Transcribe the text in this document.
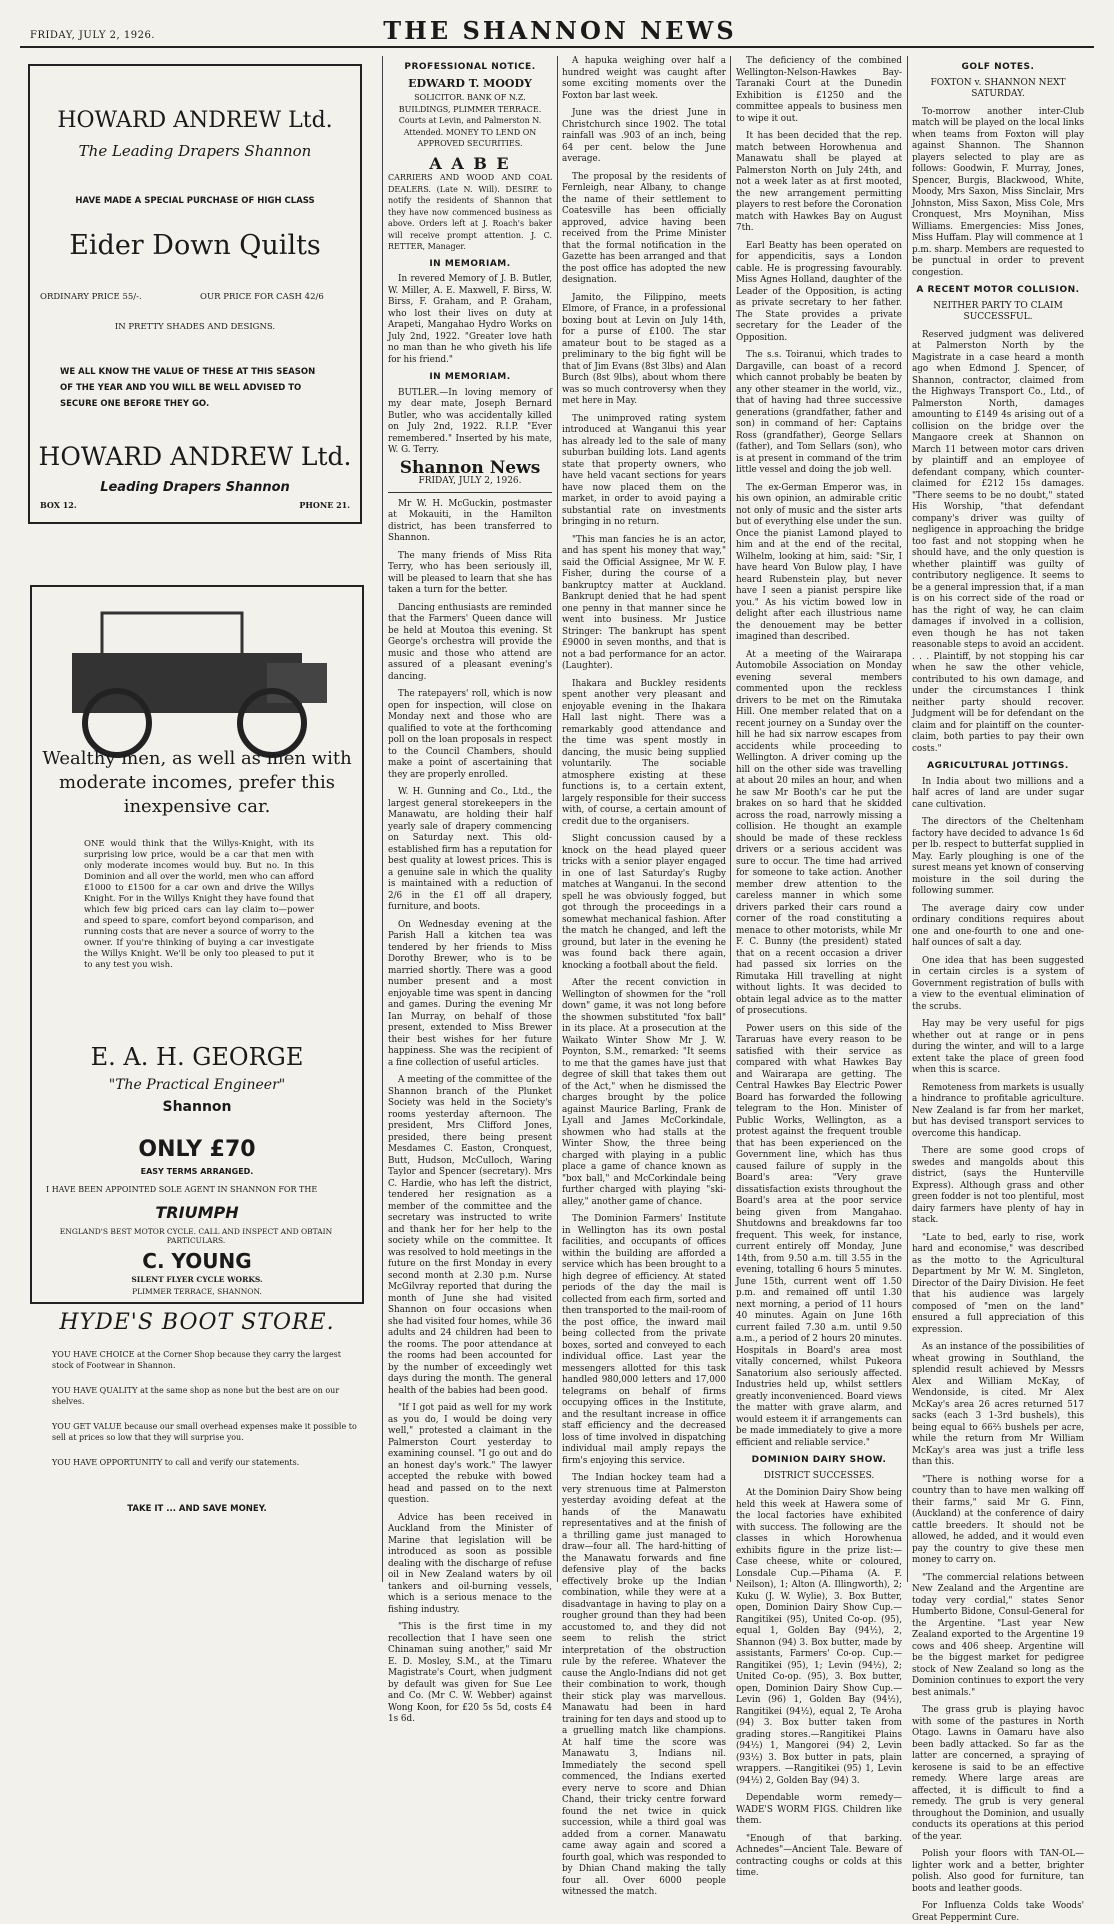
FRIDAY, JULY 2, 1926.	THE SHANNON NEWS
HOWARD ANDREW Ltd.
The Leading Drapers Shannon
HAVE MADE A SPECIAL PURCHASE OF HIGH CLASS
Eider Down Quilts
ORDINARY PRICE 55/-.	OUR PRICE FOR CASH 42/6
IN PRETTY SHADES AND DESIGNS.
WE ALL KNOW THE VALUE OF THESE AT THIS SEASON OF THE YEAR AND YOU WILL BE WELL ADVISED TO SECURE ONE BEFORE THEY GO.
HOWARD ANDREW Ltd.
Leading Drapers Shannon
BOX 12.	PHONE 21.
Wealthy men, as well as men with moderate incomes, prefer this inexpensive car.
ONE would think that the Willys-Knight, with its surprising low price, would be a car that men with only moderate incomes would buy. But no. In this Dominion and all over the world, men who can afford £1000 to £1500 for a car own and drive the Willys Knight. For in the Willys Knight they have found that which few big priced cars can lay claim to—power and speed to spare, comfort beyond comparison, and running costs that are never a source of worry to the owner. If you're thinking of buying a car investigate the Willys Knight. We'll be only too pleased to put it to any test you wish.
E. A. H. GEORGE
"The Practical Engineer"
Shannon
ONLY £70
EASY TERMS ARRANGED.
I HAVE BEEN APPOINTED SOLE AGENT IN SHANNON FOR THE
TRIUMPH
ENGLAND'S BEST MOTOR CYCLE. CALL AND INSPECT AND OBTAIN PARTICULARS.
C. YOUNG
SILENT FLYER CYCLE WORKS.
PLIMMER TERRACE, SHANNON.
HYDE'S BOOT STORE.
YOU HAVE CHOICE at the Corner Shop because they carry the largest stock of Footwear in Shannon.
YOU HAVE QUALITY at the same shop as none but the best are on our shelves.
YOU GET VALUE because our small overhead expenses make it possible to sell at prices so low that they will surprise you.
YOU HAVE OPPORTUNITY to call and verify our statements.
TAKE IT ... AND SAVE MONEY.
PROFESSIONAL NOTICE.
EDWARD T. MOODY
SOLICITOR. BANK OF N.Z. BUILDINGS, PLIMMER TERRACE. Courts at Levin, and Palmerston N. Attended. MONEY TO LEND ON APPROVED SECURITIES.
A A B E
CARRIERS AND WOOD AND COAL DEALERS. (Late N. Will). DESIRE to notify the residents of Shannon that they have now commenced business as above. Orders left at J. Roach's baker will receive prompt attention. J. C. RETTER, Manager.
IN MEMORIAM.

In revered Memory of J. B. Butler, W. Miller, A. E. Maxwell, F. Birss, W. Birss, F. Graham, and P. Graham, who lost their lives on duty at Arapeti, Mangahao Hydro Works on July 2nd, 1922. "Greater love hath no man than he who giveth his life for his friend."

IN MEMORIAM.

BUTLER.—In loving memory of my dear mate, Joseph Bernard Butler, who was accidentally killed on July 2nd, 1922. R.I.P. "Ever remembered." Inserted by his mate, W. G. Terry.

Shannon News
FRIDAY, JULY 2, 1926.

Mr W. H. McGuckin, postmaster at Mokauiti, in the Hamilton district, has been transferred to Shannon.

The many friends of Miss Rita Terry, who has been seriously ill, will be pleased to learn that she has taken a turn for the better.

Dancing enthusiasts are reminded that the Farmers' Queen dance will be held at Moutoa this evening. St George's orchestra will provide the music and those who attend are assured of a pleasant evening's dancing.

The ratepayers' roll, which is now open for inspection, will close on Monday next and those who are qualified to vote at the forthcoming poll on the loan proposals in respect to the Council Chambers, should make a point of ascertaining that they are properly enrolled.

W. H. Gunning and Co., Ltd., the largest general storekeepers in the Manawatu, are holding their half yearly sale of drapery commencing on Saturday next. This old-established firm has a reputation for best quality at lowest prices. This is a genuine sale in which the quality is maintained with a reduction of 2/6 in the £1 off all drapery, furniture, and boots.

On Wednesday evening at the Parish Hall a kitchen tea was tendered by her friends to Miss Dorothy Brewer, who is to be married shortly. There was a good number present and a most enjoyable time was spent in dancing and games. During the evening Mr Ian Murray, on behalf of those present, extended to Miss Brewer their best wishes for her future happiness. She was the recipient of a fine collection of useful articles.

A meeting of the committee of the Shannon branch of the Plunket Society was held in the Society's rooms yesterday afternoon. The president, Mrs Clifford Jones, presided, there being present Mesdames C. Easton, Cronquest, Butt, Hudson, McCulloch, Waring Taylor and Spencer (secretary). Mrs C. Hardie, who has left the district, tendered her resignation as a member of the committee and the secretary was instructed to write and thank her for her help to the society while on the committee. It was resolved to hold meetings in the future on the first Monday in every second month at 2.30 p.m. Nurse McGilvray reported that during the month of June she had visited Shannon on four occasions when she had visited four homes, while 36 adults and 24 children had been to the rooms. The poor attendance at the rooms had been accounted for by the number of exceedingly wet days during the month. The general health of the babies had been good.

"If I got paid as well for my work as you do, I would be doing very well," protested a claimant in the Palmerston Court yesterday to examining counsel. "I go out and do an honest day's work." The lawyer accepted the rebuke with bowed head and passed on to the next question.

Advice has been received in Auckland from the Minister of Marine that legislation will be introduced as soon as possible dealing with the discharge of refuse oil in New Zealand waters by oil tankers and oil-burning vessels, which is a serious menace to the fishing industry.

"This is the first time in my recollection that I have seen one Chinaman suing another," said Mr E. D. Mosley, S.M., at the Timaru Magistrate's Court, when judgment by default was given for Sue Lee and Co. (Mr C. W. Webber) against Wong Koon, for £20 5s 5d, costs £4 1s 6d.

A hapuka weighing over half a hundred weight was caught after some exciting moments over the Foxton bar last week.

June was the driest June in Christchurch since 1902. The total rainfall was .903 of an inch, being 64 per cent. below the June average.

The proposal by the residents of Fernleigh, near Albany, to change the name of their settlement to Coatesville has been officially approved, advice having been received from the Prime Minister that the formal notification in the Gazette has been arranged and that the post office has adopted the new designation.

Jamito, the Filippino, meets Elmore, of France, in a professional boxing bout at Levin on July 14th, for a purse of £100. The star amateur bout to be staged as a preliminary to the big fight will be that of Jim Evans (8st 3lbs) and Alan Burch (8st 9lbs), about whom there was so much controversy when they met here in May.

The unimproved rating system introduced at Wanganui this year has already led to the sale of many suburban building lots. Land agents state that property owners, who have held vacant sections for years have now placed them on the market, in order to avoid paying a substantial rate on investments bringing in no return.

"This man fancies he is an actor, and has spent his money that way," said the Official Assignee, Mr W. F. Fisher, during the course of a bankruptcy matter at Auckland. Bankrupt denied that he had spent one penny in that manner since he went into business. Mr Justice Stringer: The bankrupt has spent £9000 in seven months, and that is not a bad performance for an actor. (Laughter).

Ihakara and Buckley residents spent another very pleasant and enjoyable evening in the Ihakara Hall last night. There was a remarkably good attendance and the time was spent mostly in dancing, the music being supplied voluntarily. The sociable atmosphere existing at these functions is, to a certain extent, largely responsible for their success with, of course, a certain amount of credit due to the organisers.

Slight concussion caused by a knock on the head played queer tricks with a senior player engaged in one of last Saturday's Rugby matches at Wanganui. In the second spell he was obviously fogged, but got through the proceedings in a somewhat mechanical fashion. After the match he changed, and left the ground, but later in the evening he was found back there again, knocking a football about the field.

After the recent conviction in Wellington of showmen for the "roll down" game, it was not long before the showmen substituted "fox ball" in its place. At a prosecution at the Waikato Winter Show Mr J. W. Poynton, S.M., remarked: "It seems to me that the games have just that degree of skill that takes them out of the Act," when he dismissed the charges brought by the police against Maurice Barling, Frank de Lyall and James McCorkindale, showmen who had stalls at the Winter Show, the three being charged with playing in a public place a game of chance known as "box ball," and McCorkindale being further charged with playing "ski-alley," another game of chance.

The Dominion Farmers' Institute in Wellington has its own postal facilities, and occupants of offices within the building are afforded a service which has been brought to a high degree of efficiency. At stated periods of the day the mail is collected from each firm, sorted and then transported to the mail-room of the post office, the inward mail being collected from the private boxes, sorted and conveyed to each individual office. Last year the messengers allotted for this task handled 980,000 letters and 17,000 telegrams on behalf of firms occupying offices in the Institute, and the resultant increase in office staff efficiency and the decreased loss of time involved in dispatching individual mail amply repays the firm's enjoying this service.

The Indian hockey team had a very strenuous time at Palmerston yesterday avoiding defeat at the hands of the Manawatu representatives and at the finish of a thrilling game just managed to draw—four all. The hard-hitting of the Manawatu forwards and fine defensive play of the backs effectively broke up the Indian combination, while they were at a disadvantage in having to play on a rougher ground than they had been accustomed to, and they did not seem to relish the strict interpretation of the obstruction rule by the referee. Whatever the cause the Anglo-Indians did not get their combination to work, though their stick play was marvellous. Manawatu had been in hard training for ten days and stood up to a gruelling match like champions. At half time the score was Manawatu 3, Indians nil. Immediately the second spell commenced, the Indians exerted every nerve to score and Dhian Chand, their tricky centre forward found the net twice in quick succession, while a third goal was added from a corner. Manawatu came away again and scored a fourth goal, which was responded to by Dhian Chand making the tally four all. Over 6000 people witnessed the match.

The deficiency of the combined Wellington-Nelson-Hawkes Bay-Taranaki Court at the Dunedin Exhibition is £1250 and the committee appeals to business men to wipe it out.

It has been decided that the rep. match between Horowhenua and Manawatu shall be played at Palmerston North on July 24th, and not a week later as at first mooted, the new arrangement permitting players to rest before the Coronation match with Hawkes Bay on August 7th.

Earl Beatty has been operated on for appendicitis, says a London cable. He is progressing favourably. Miss Agnes Holland, daughter of the Leader of the Opposition, is acting as private secretary to her father. The State provides a private secretary for the Leader of the Opposition.

The s.s. Toiranui, which trades to Dargaville, can boast of a record which cannot probably be beaten by any other steamer in the world, viz., that of having had three successive generations (grandfather, father and son) in command of her: Captains Ross (grandfather), George Sellars (father), and Tom Sellars (son), who is at present in command of the trim little vessel and doing the job well.

The ex-German Emperor was, in his own opinion, an admirable critic not only of music and the sister arts but of everything else under the sun. Once the pianist Lamond played to him and at the end of the recital, Wilhelm, looking at him, said: "Sir, I have heard Von Bulow play, I have heard Rubenstein play, but never have I seen a pianist perspire like you." As his victim bowed low in delight after each illustrious name the denouement may be better imagined than described.

At a meeting of the Wairarapa Automobile Association on Monday evening several members commented upon the reckless drivers to be met on the Rimutaka Hill. One member related that on a recent journey on a Sunday over the hill he had six narrow escapes from accidents while proceeding to Wellington. A driver coming up the hill on the other side was travelling at about 20 miles an hour, and when he saw Mr Booth's car he put the brakes on so hard that he skidded across the road, narrowly missing a collision. He thought an example should be made of these reckless drivers or a serious accident was sure to occur. The time had arrived for someone to take action. Another member drew attention to the careless manner in which some drivers parked their cars round a corner of the road constituting a menace to other motorists, while Mr F. C. Bunny (the president) stated that on a recent occasion a driver had passed six lorries on the Rimutaka Hill travelling at night without lights. It was decided to obtain legal advice as to the matter of prosecutions.

Power users on this side of the Tararuas have every reason to be satisfied with their service as compared with what Hawkes Bay and Wairarapa are getting. The Central Hawkes Bay Electric Power Board has forwarded the following telegram to the Hon. Minister of Public Works, Wellington, as a protest against the frequent trouble that has been experienced on the Government line, which has thus caused failure of supply in the Board's area: "Very grave dissatisfaction exists throughout the Board's area at the poor service being given from Mangahao. Shutdowns and breakdowns far too frequent. This week, for instance, current entirely off Monday, June 14th, from 9.50 a.m. till 3.55 in the evening, totalling 6 hours 5 minutes. June 15th, current went off 1.50 p.m. and remained off until 1.30 next morning, a period of 11 hours 40 minutes. Again on June 16th current failed 7.30 a.m. until 9.50 a.m., a period of 2 hours 20 minutes. Hospitals in Board's area most vitally concerned, whilst Pukeora Sanatorium also seriously affected. Industries held up, whilst settlers greatly inconvenienced. Board views the matter with grave alarm, and would esteem it if arrangements can be made immediately to give a more efficient and reliable service."

DOMINION DAIRY SHOW.
DISTRICT SUCCESSES.

At the Dominion Dairy Show being held this week at Hawera some of the local factories have exhibited with success. The following are the classes in which Horowhenua exhibits figure in the prize list:— Case cheese, white or coloured, Lonsdale Cup.—Pihama (A. F. Neilson), 1; Alton (A. Illingworth), 2; Kuku (J. W. Wylie), 3. Box Butter, open, Dominion Dairy Show Cup.—Rangitikei (95), United Co-op. (95), equal 1, Golden Bay (94½), 2, Shannon (94) 3. Box butter, made by assistants, Farmers' Co-op. Cup.—Rangitikei (95), 1; Levin (94½), 2; United Co-op. (95), 3. Box butter, open, Dominion Dairy Show Cup.—Levin (96) 1, Golden Bay (94½), Rangitikei (94½), equal 2, Te Aroha (94) 3. Box butter taken from grading stores.—Rangitikei Plains (94½) 1, Mangorei (94) 2, Levin (93½) 3. Box butter in pats, plain wrappers. —Rangitikei (95) 1, Levin (94½) 2, Golden Bay (94) 3.

Dependable worm remedy—WADE'S WORM FIGS. Children like them.

"Enough of that barking. Achnedes"—Ancient Tale. Beware of contracting coughs or colds at this time.

GOLF NOTES.
FOXTON v. SHANNON NEXT SATURDAY.

To-morrow another inter-Club match will be played on the local links when teams from Foxton will play against Shannon. The Shannon players selected to play are as follows: Goodwin, F. Murray, Jones, Spencer, Burgis, Blackwood, White, Moody, Mrs Saxon, Miss Sinclair, Mrs Johnston, Miss Saxon, Miss Cole, Mrs Cronquest, Mrs Moynihan, Miss Williams. Emergencies: Miss Jones, Miss Huffam. Play will commence at 1 p.m. sharp. Members are requested to be punctual in order to prevent congestion.

A RECENT MOTOR COLLISION.
NEITHER PARTY TO CLAIM SUCCESSFUL.

Reserved judgment was delivered at Palmerston North by the Magistrate in a case heard a month ago when Edmond J. Spencer, of Shannon, contractor, claimed from the Highways Transport Co., Ltd., of Palmerston North, damages amounting to £149 4s arising out of a collision on the bridge over the Mangaore creek at Shannon on March 11 between motor cars driven by plaintiff and an employee of defendant company, which counter-claimed for £212 15s damages. "There seems to be no doubt," stated His Worship, "that defendant company's driver was guilty of negligence in approaching the bridge too fast and not stopping when he should have, and the only question is whether plaintiff was guilty of contributory negligence. It seems to be a general impression that, if a man is on his correct side of the road or has the right of way, he can claim damages if involved in a collision, even though he has not taken reasonable steps to avoid an accident. . . . Plaintiff, by not stopping his car when he saw the other vehicle, contributed to his own damage, and under the circumstances I think neither party should recover. Judgment will be for defendant on the claim and for plaintiff on the counter-claim, both parties to pay their own costs."

AGRICULTURAL JOTTINGS.

In India about two millions and a half acres of land are under sugar cane cultivation.

The directors of the Cheltenham factory have decided to advance 1s 6d per lb. respect to butterfat supplied in May. Early ploughing is one of the surest means yet known of conserving moisture in the soil during the following summer.

The average dairy cow under ordinary conditions requires about one and one-fourth to one and one-half ounces of salt a day.

One idea that has been suggested in certain circles is a system of Government registration of bulls with a view to the eventual elimination of the scrubs.

Hay may be very useful for pigs whether out at range or in pens during the winter, and will to a large extent take the place of green food when this is scarce.

Remoteness from markets is usually a hindrance to profitable agriculture. New Zealand is far from her market, but has devised transport services to overcome this handicap.

There are some good crops of swedes and mangolds about this district, (says the Hunterville Express). Although grass and other green fodder is not too plentiful, most dairy farmers have plenty of hay in stack.

"Late to bed, early to rise, work hard and economise," was described as the motto to the Agricultural Department by Mr W. M. Singleton, Director of the Dairy Division. He feet that his audience was largely composed of "men on the land" ensured a full appreciation of this expression.

As an instance of the possibilities of wheat growing in Southland, the splendid result achieved by Messrs Alex and William McKay, of Wendonside, is cited. Mr Alex McKay's area 26 acres returned 517 sacks (each 3 1-3rd bushels), this being equal to 66⅔ bushels per acre, while the return from Mr William McKay's area was just a trifle less than this.

"There is nothing worse for a country than to have men walking off their farms," said Mr G. Finn, (Auckland) at the conference of dairy cattle breeders. It should not be allowed, he added, and it would even pay the country to give these men money to carry on.

"The commercial relations between New Zealand and the Argentine are today very cordial," states Senor Humberto Bidone, Consul-General for the Argentine. "Last year New Zealand exported to the Argentine 19 cows and 406 sheep. Argentine will be the biggest market for pedigree stock of New Zealand so long as the Dominion continues to export the very best animals."

The grass grub is playing havoc with some of the pastures in North Otago. Lawns in Oamaru have also been badly attacked. So far as the latter are concerned, a spraying of kerosene is said to be an effective remedy. Where large areas are affected, it is difficult to find a remedy. The grub is very general throughout the Dominion, and usually conducts its operations at this period of the year.

Polish your floors with TAN-OL—lighter work and a better, brighter polish. Also good for furniture, tan boots and leather goods.

For Influenza Colds take Woods' Great Peppermint Cure.
